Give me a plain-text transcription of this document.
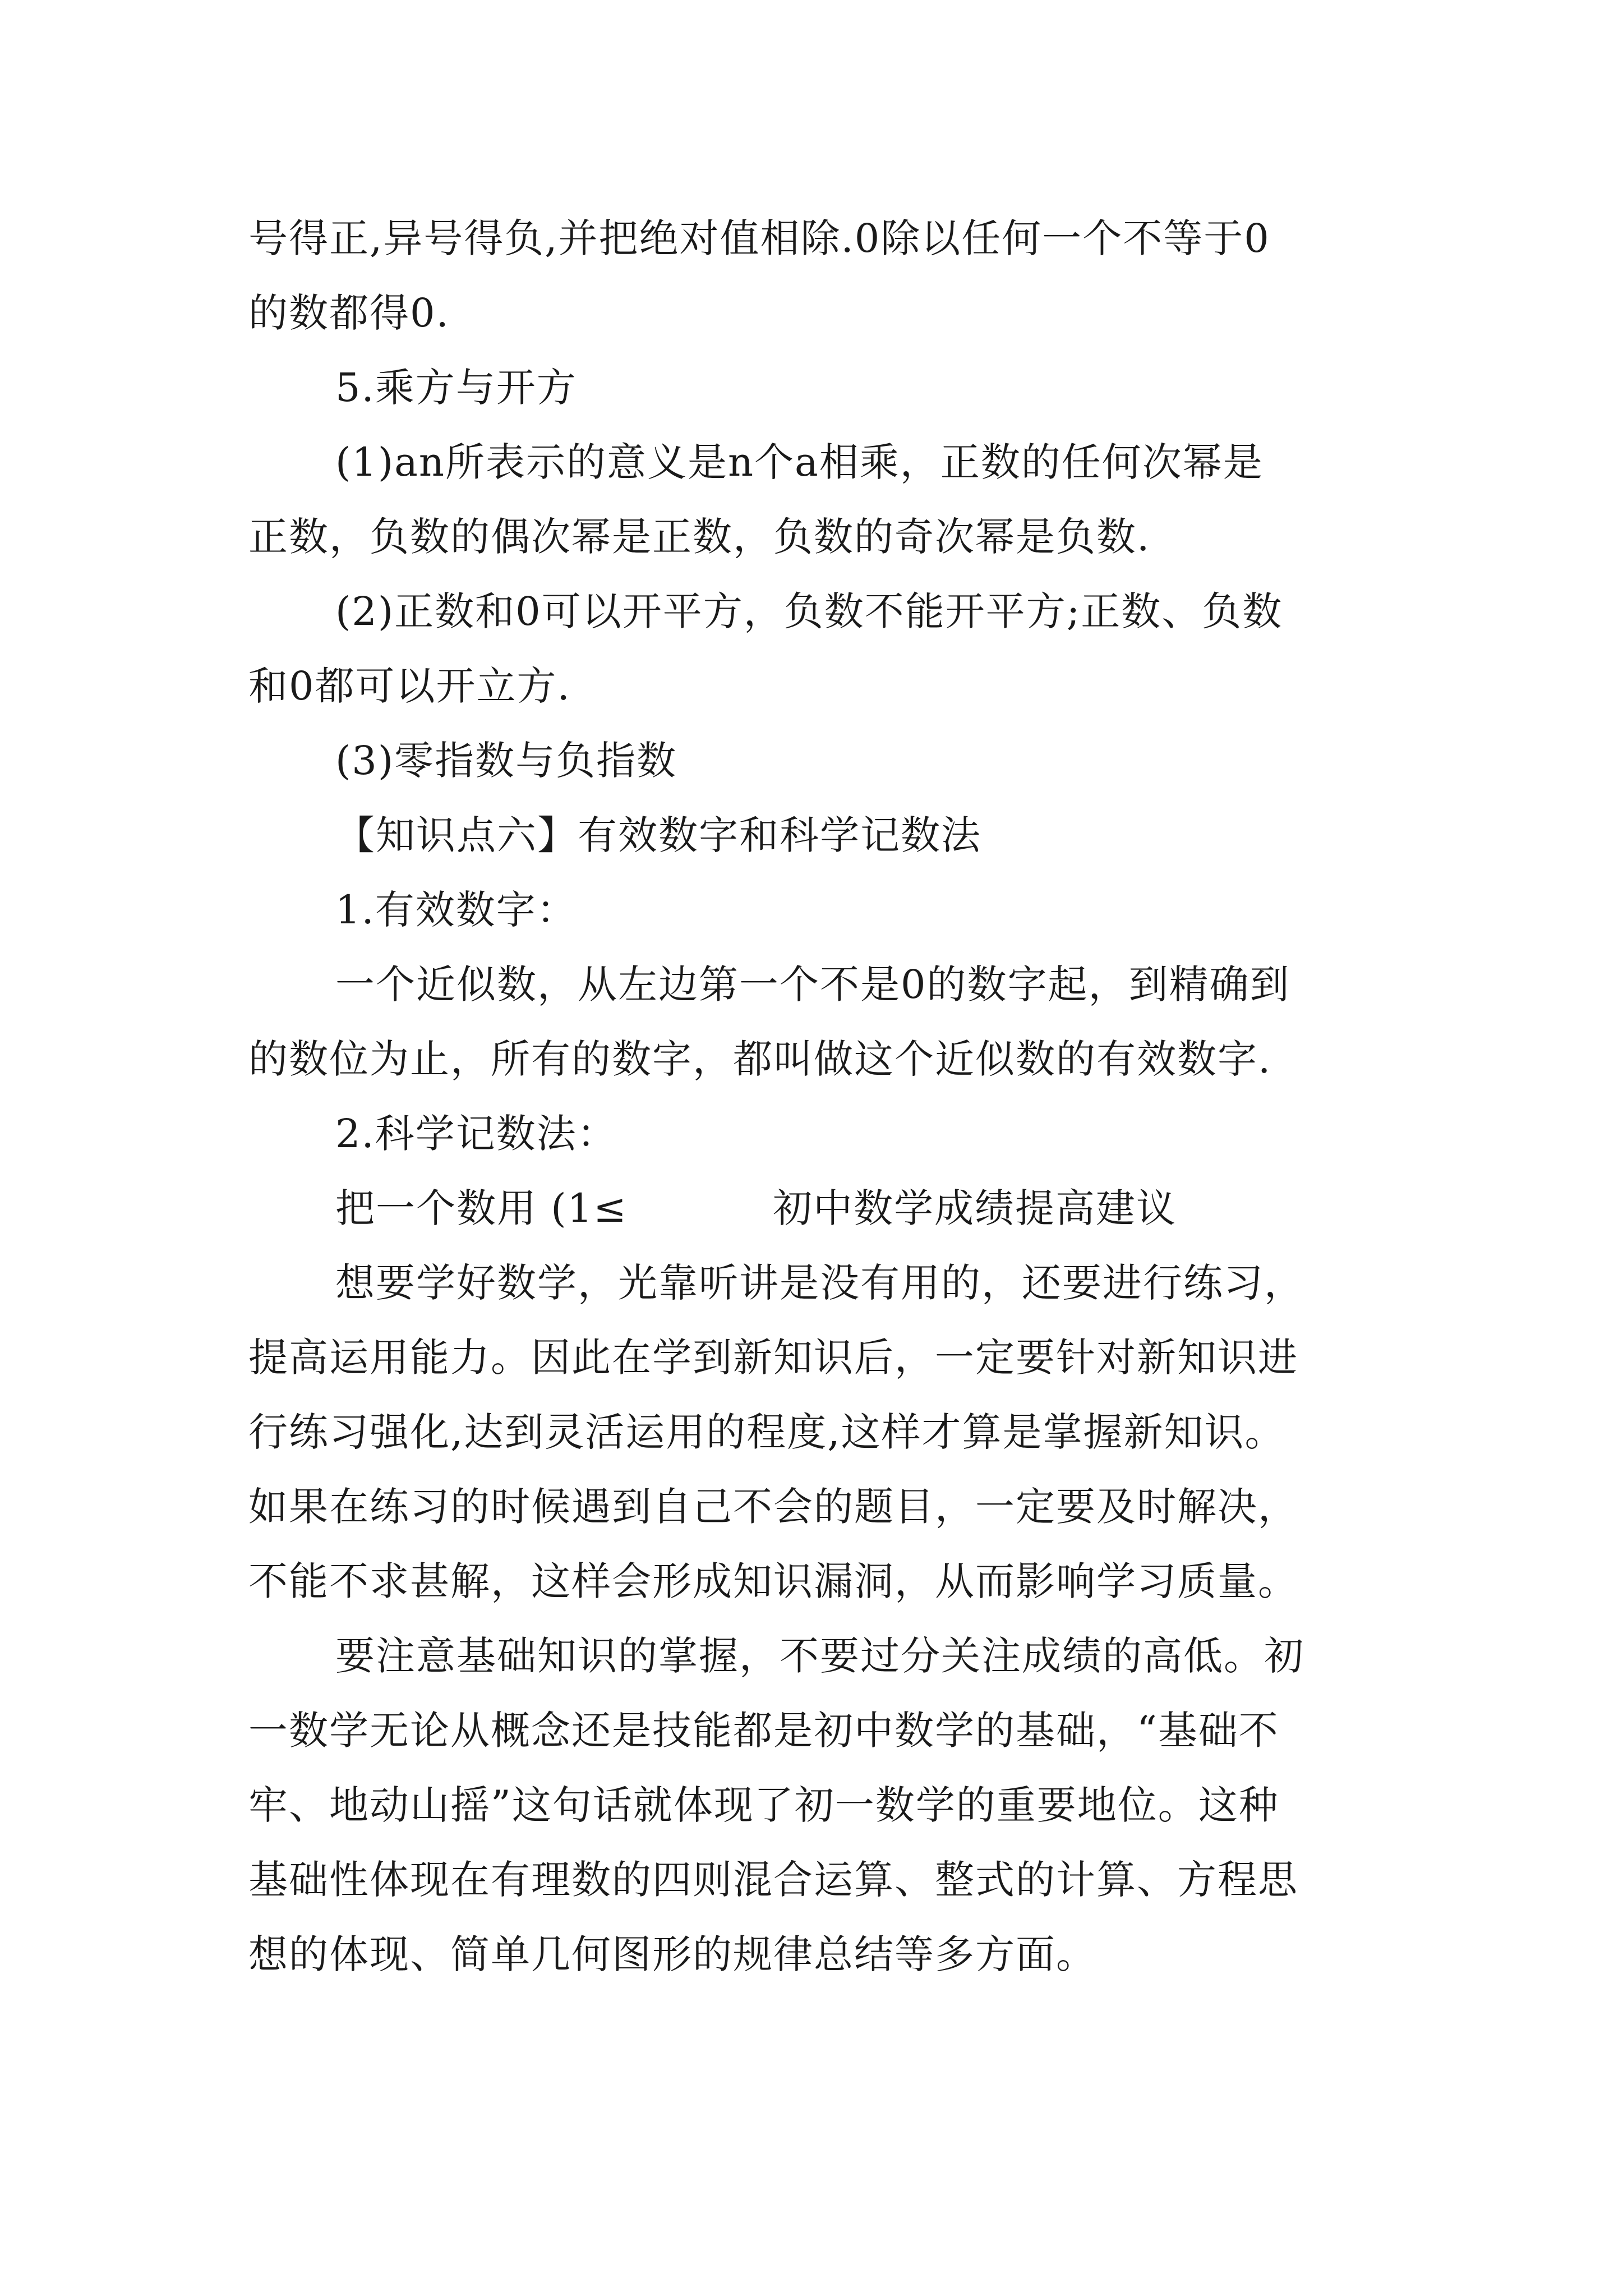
号得正,异号得负,并把绝对值相除.0除以任何一个不等于0
的数都得0.
5.乘方与开方
(1)an所表示的意义是n个a相乘，正数的任何次幂是
正数，负数的偶次幂是正数，负数的奇次幂是负数.
(2)正数和0可以开平方，负数不能开平方;正数、负数
和0都可以开立方.
(3)零指数与负指数
【知识点六】有效数字和科学记数法
1.有效数字：
一个近似数，从左边第一个不是0的数字起，到精确到
的数位为止，所有的数字，都叫做这个近似数的有效数字.
2.科学记数法：
把一个数用 (1≤	初中数学成绩提高建议
想要学好数学，光靠听讲是没有用的，还要进行练习，
提高运用能力。因此在学到新知识后，一定要针对新知识进
行练习强化,达到灵活运用的程度,这样才算是掌握新知识。
如果在练习的时候遇到自己不会的题目，一定要及时解决，
不能不求甚解，这样会形成知识漏洞，从而影响学习质量。
要注意基础知识的掌握，不要过分关注成绩的高低。初
一数学无论从概念还是技能都是初中数学的基础，“基础不
牢、地动山摇”这句话就体现了初一数学的重要地位。这种
基础性体现在有理数的四则混合运算、整式的计算、方程思
想的体现、简单几何图形的规律总结等多方面。
